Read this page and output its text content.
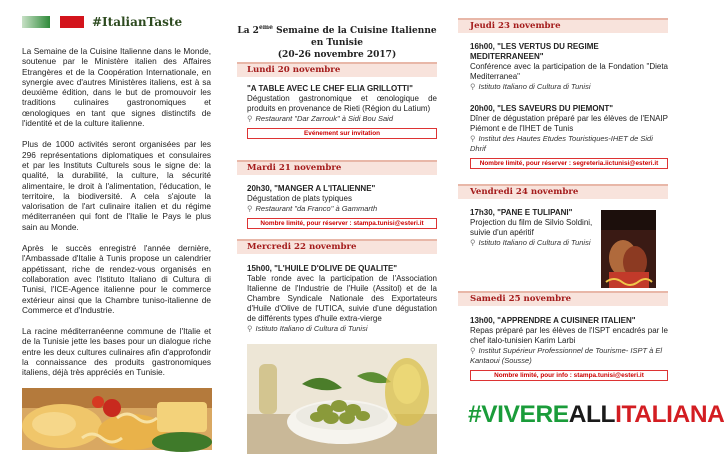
#ItalianTaste

La Semaine de la Cuisine Italienne dans le Monde, soutenue par le Ministère italien des Affaires Etrangères et de la Coopération Internationale, en synergie avec d'autres Ministères italiens, est à sa deuxième édition, dans le but de promouvoir les traditions culinaires gastronomiques et œnologiques en tant que signes distinctifs de l'identité et de la culture italienne.

Plus de 1000 activités seront organisées par les 296 représentations diplomatiques et consulaires et par les Instituts Culturels sous le signe de: la qualité, la durabilité, la culture, la sécurité alimentaire, le droit à l'alimentation, l'éducation, le territoire, la biodiversité. A cela s'ajoute la valorisation de l'art culinaire italien et du régime méditerranéen qui font de l'Italie le Pays le plus sain au Monde.

Après le succès enregistré l'année dernière, l'Ambassade d'Italie à Tunis propose un calendrier appétissant, riche de rendez-vous organisés en collaboration avec l'Istituto Italiano di Cultura di Tunisi, l'ICE-Agence italienne pour le commerce extérieur ainsi que la Chambre tuniso-italienne de Commerce et d'Industrie.

La racine méditerranéenne commune de l'Italie et de la Tunisie jette les bases pour un dialogue riche entre les deux cultures culinaires afin d'approfondir la connaissance des produits gastronomiques italiens, déjà très appréciés en Tunisie.

La 2eme Semaine de la Cuisine Italienne en Tunisie
(20-26 novembre 2017)
Lundi 20 novembre
"A TABLE AVEC LE CHEF ELIA GRILLOTTI"
Dégustation gastronomique et œnologique de produits en provenance de Rieti (Région du Latium)
⚲ Restaurant "Dar Zarrouk" à Sidi Bou Said
Evénement sur invitation
Mardi 21 novembre
20h30, "MANGER A L'ITALIENNE"
Dégustation de plats typiques
⚲ Restaurant "da Franco" à Gammarth
Nombre limité, pour réserver : stampa.tunisi@esteri.it
Mercredi 22 novembre
15h00, "L'HUILE D'OLIVE DE QUALITE"
Table ronde avec la participation de l'Association Italienne de l'Industrie de l'Huile (Assitol) et de la Chambre Syndicale Nationale des Exportateurs d'Huile d'Olive de l'UTICA, suivie d'une dégustation de différents types d'huile extra-vierge
⚲ Istituto Italiano di Cultura di Tunisi
Jeudi 23 novembre
16h00, "LES VERTUS DU REGIME MEDITERRANEEN"
Conférence avec la participation de la Fondation "Dieta Mediterranea"
⚲ Istituto Italiano di Cultura di Tunisi
20h00, "LES SAVEURS DU PIEMONT"
Dîner de dégustation préparé par les élèves de l'ENAIP Piémont e de l'IHET de Tunis
⚲ Institut des Hautes Etudes Touristiques-IHET de Sidi Dhrif
Nombre limité, pour réserver : segreteria.iictunisi@esteri.it
Vendredi 24 novembre
17h30, "PANE E TULIPANI"
Projection du film de Silvio Soldini, suivie d'un apéritif
⚲ Istituto Italiano di Cultura di Tunisi
Samedi 25 novembre
13h00, "APPRENDRE A CUISINER ITALIEN"
Repas préparé par les élèves de l'ISPT encadrés par le chef italo-tunisien Karim Larbi
⚲ Institut Supérieur Professionnel de Tourisme- ISPT à El Kantaoui (Sousse)
Nombre limité, pour info : stampa.tunisi@esteri.it
#VIVEREALLITALIANA
